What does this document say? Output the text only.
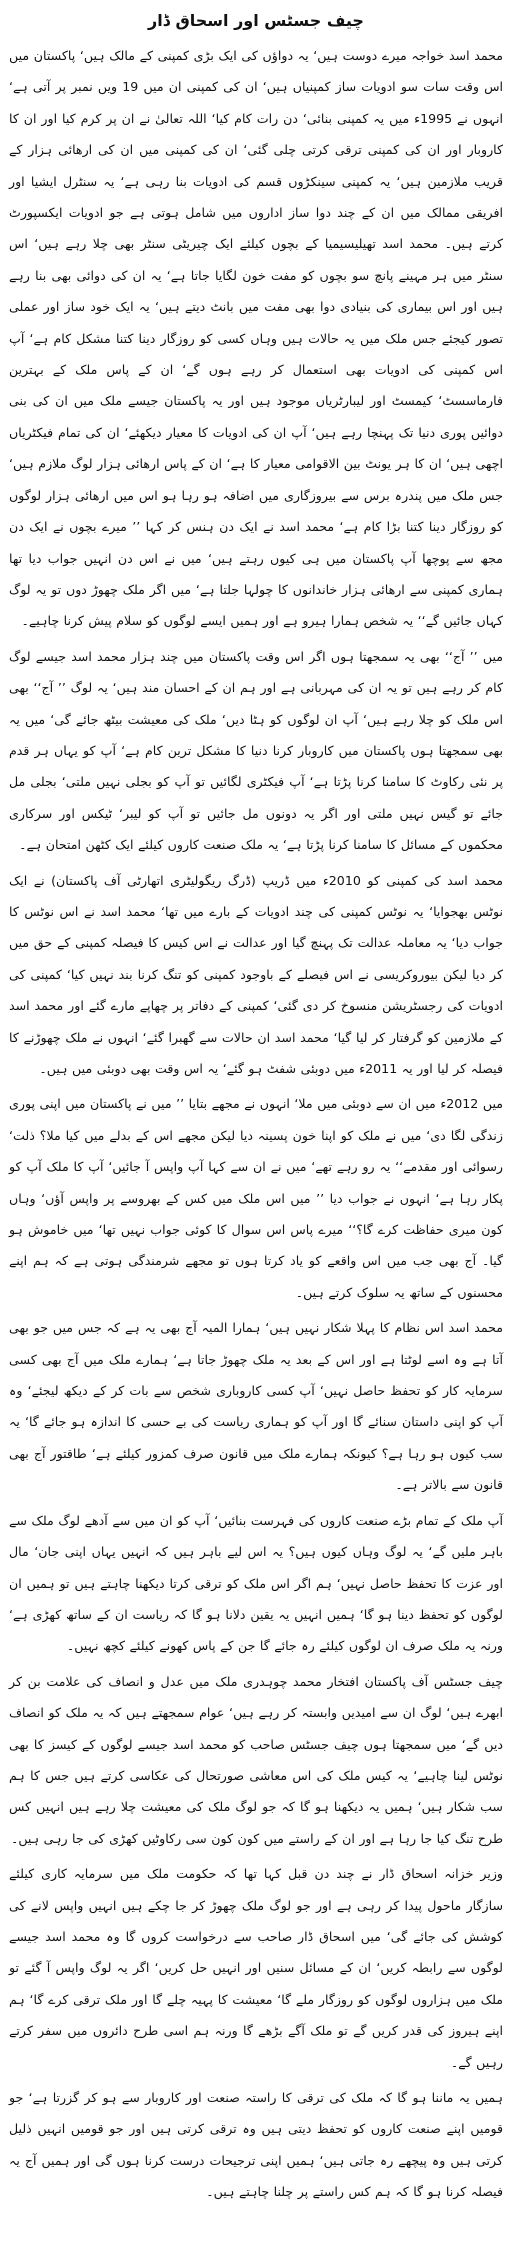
چیف جسٹس اور اسحاق ڈار

محمد اسد خواجہ میرے دوست ہیں‘ یہ دواؤں کی ایک بڑی کمپنی کے مالک ہیں‘ پاکستان میں اس وقت سات سو ادویات ساز کمپنیاں ہیں‘ ان کی کمپنی ان میں 19 ویں نمبر پر آتی ہے‘ انہوں نے 1995ء میں یہ کمپنی بنائی‘ دن رات کام کیا‘ اللہ تعالیٰ نے ان پر کرم کیا اور ان کا کاروبار اور ان کی کمپنی ترقی کرتی چلی گئی‘ ان کی کمپنی میں ان کی ارھائی ہزار کے قریب ملازمین ہیں‘ یہ کمپنی سینکڑوں قسم کی ادویات بنا رہی ہے‘ یہ سنٹرل ایشیا اور افریقی ممالک میں ان کے چند دوا ساز اداروں میں شامل ہوتی ہے جو ادویات ایکسپورٹ کرتے ہیں۔ محمد اسد تھیلیسیمیا کے بچوں کیلئے ایک چیریٹی سنٹر بھی چلا رہے ہیں‘ اس سنٹر میں ہر مہینے پانچ سو بچوں کو مفت خون لگایا جاتا ہے‘ یہ ان کی دوائی بھی بنا رہے ہیں اور اس بیماری کی بنیادی دوا بھی مفت میں بانٹ دیتے ہیں‘ یہ ایک خود ساز اور عملی تصور کیجئے جس ملک میں یہ حالات ہیں وہاں کسی کو روزگار دینا کتنا مشکل کام ہے‘ آپ اس کمپنی کی ادویات بھی استعمال کر رہے ہوں گے‘ ان کے پاس ملک کے بہترین فارماسسٹ‘ کیمسٹ اور لیبارٹریاں موجود ہیں اور یہ پاکستان جیسے ملک میں ان کی بنی دوائیں پوری دنیا تک پہنچا رہے ہیں‘ آپ ان کی ادویات کا معیار دیکھئے‘ ان کی تمام فیکٹریاں اچھی ہیں‘ ان کا ہر یونٹ بین الاقوامی معیار کا ہے‘ ان کے پاس ارھائی ہزار لوگ ملازم ہیں‘ جس ملک میں پندرہ برس سے بیروزگاری میں اضافہ ہو رہا ہو اس میں ارھائی ہزار لوگوں کو روزگار دینا کتنا بڑا کام ہے‘ محمد اسد نے ایک دن ہنس کر کہا ’’ میرے بچوں نے ایک دن مجھ سے پوچھا آپ پاکستان میں ہی کیوں رہتے ہیں‘ میں نے اس دن انہیں جواب دیا تھا ہماری کمپنی سے ارھائی ہزار خاندانوں کا چولہا جلتا ہے‘ میں اگر ملک چھوڑ دوں تو یہ لوگ کہاں جائیں گے‘‘ یہ شخص ہمارا ہیرو ہے اور ہمیں ایسے لوگوں کو سلام پیش کرنا چاہیے۔

میں ’’ آج‘‘ بھی یہ سمجھتا ہوں اگر اس وقت پاکستان میں چند ہزار محمد اسد جیسے لوگ کام کر رہے ہیں تو یہ ان کی مہربانی ہے اور ہم ان کے احسان مند ہیں‘ یہ لوگ ’’ آج‘‘ بھی اس ملک کو چلا رہے ہیں‘ آپ ان لوگوں کو ہٹا دیں‘ ملک کی معیشت بیٹھ جائے گی‘ میں یہ بھی سمجھتا ہوں پاکستان میں کاروبار کرنا دنیا کا مشکل ترین کام ہے‘ آپ کو یہاں ہر قدم پر نئی رکاوٹ کا سامنا کرنا پڑتا ہے‘ آپ فیکٹری لگائیں تو آپ کو بجلی نہیں ملتی‘ بجلی مل جائے تو گیس نہیں ملتی اور اگر یہ دونوں مل جائیں تو آپ کو لیبر‘ ٹیکس اور سرکاری محکموں کے مسائل کا سامنا کرنا پڑتا ہے‘ یہ ملک صنعت کاروں کیلئے ایک کٹھن امتحان ہے۔

محمد اسد کی کمپنی کو 2010ء میں ڈریپ (ڈرگ ریگولیٹری اتھارٹی آف پاکستان) نے ایک نوٹس بھجوایا‘ یہ نوٹس کمپنی کی چند ادویات کے بارے میں تھا‘ محمد اسد نے اس نوٹس کا جواب دیا‘ یہ معاملہ عدالت تک پہنچ گیا اور عدالت نے اس کیس کا فیصلہ کمپنی کے حق میں کر دیا لیکن بیوروکریسی نے اس فیصلے کے باوجود کمپنی کو تنگ کرنا بند نہیں کیا‘ کمپنی کی ادویات کی رجسٹریشن منسوخ کر دی گئی‘ کمپنی کے دفاتر پر چھاپے مارے گئے اور محمد اسد کے ملازمین کو گرفتار کر لیا گیا‘ محمد اسد ان حالات سے گھبرا گئے‘ انہوں نے ملک چھوڑنے کا فیصلہ کر لیا اور یہ 2011ء میں دوبئی شفٹ ہو گئے‘ یہ اس وقت بھی دوبئی میں ہیں۔

میں 2012ء میں ان سے دوبئی میں ملا‘ انہوں نے مجھے بتایا ’’ میں نے پاکستان میں اپنی پوری زندگی لگا دی‘ میں نے ملک کو اپنا خون پسینہ دیا لیکن مجھے اس کے بدلے میں کیا ملا؟ ذلت‘ رسوائی اور مقدمے‘‘ یہ رو رہے تھے‘ میں نے ان سے کہا آپ واپس آ جائیں‘ آپ کا ملک آپ کو پکار رہا ہے‘ انہوں نے جواب دیا ’’ میں اس ملک میں کس کے بھروسے پر واپس آؤں‘ وہاں کون میری حفاظت کرے گا؟‘‘ میرے پاس اس سوال کا کوئی جواب نہیں تھا‘ میں خاموش ہو گیا۔ آج بھی جب میں اس واقعے کو یاد کرتا ہوں تو مجھے شرمندگی ہوتی ہے کہ ہم اپنے محسنوں کے ساتھ یہ سلوک کرتے ہیں۔

محمد اسد اس نظام کا پہلا شکار نہیں ہیں‘ ہمارا المیہ آج بھی یہ ہے کہ جس میں جو بھی آتا ہے وہ اسے لوٹتا ہے اور اس کے بعد یہ ملک چھوڑ جاتا ہے‘ ہمارے ملک میں آج بھی کسی سرمایہ کار کو تحفظ حاصل نہیں‘ آپ کسی کاروباری شخص سے بات کر کے دیکھ لیجئے‘ وہ آپ کو اپنی داستان سنائے گا اور آپ کو ہماری ریاست کی بے حسی کا اندازہ ہو جائے گا‘ یہ سب کیوں ہو رہا ہے؟ کیونکہ ہمارے ملک میں قانون صرف کمزور کیلئے ہے‘ طاقتور آج بھی قانون سے بالاتر ہے۔

آپ ملک کے تمام بڑے صنعت کاروں کی فہرست بنائیں‘ آپ کو ان میں سے آدھے لوگ ملک سے باہر ملیں گے‘ یہ لوگ وہاں کیوں ہیں؟ یہ اس لیے باہر ہیں کہ انہیں یہاں اپنی جان‘ مال اور عزت کا تحفظ حاصل نہیں‘ ہم اگر اس ملک کو ترقی کرتا دیکھنا چاہتے ہیں تو ہمیں ان لوگوں کو تحفظ دینا ہو گا‘ ہمیں انہیں یہ یقین دلانا ہو گا کہ ریاست ان کے ساتھ کھڑی ہے‘ ورنہ یہ ملک صرف ان لوگوں کیلئے رہ جائے گا جن کے پاس کھونے کیلئے کچھ نہیں۔

چیف جسٹس آف پاکستان افتخار محمد چوہدری ملک میں عدل و انصاف کی علامت بن کر ابھرے ہیں‘ لوگ ان سے امیدیں وابستہ کر رہے ہیں‘ عوام سمجھتے ہیں کہ یہ ملک کو انصاف دیں گے‘ میں سمجھتا ہوں چیف جسٹس صاحب کو محمد اسد جیسے لوگوں کے کیسز کا بھی نوٹس لینا چاہیے‘ یہ کیس ملک کی اس معاشی صورتحال کی عکاسی کرتے ہیں جس کا ہم سب شکار ہیں‘ ہمیں یہ دیکھنا ہو گا کہ جو لوگ ملک کی معیشت چلا رہے ہیں انہیں کس طرح تنگ کیا جا رہا ہے اور ان کے راستے میں کون کون سی رکاوٹیں کھڑی کی جا رہی ہیں۔

وزیر خزانہ اسحاق ڈار نے چند دن قبل کہا تھا کہ حکومت ملک میں سرمایہ کاری کیلئے سازگار ماحول پیدا کر رہی ہے اور جو لوگ ملک چھوڑ کر جا چکے ہیں انہیں واپس لانے کی کوشش کی جائے گی‘ میں اسحاق ڈار صاحب سے درخواست کروں گا وہ محمد اسد جیسے لوگوں سے رابطہ کریں‘ ان کے مسائل سنیں اور انہیں حل کریں‘ اگر یہ لوگ واپس آ گئے تو ملک میں ہزاروں لوگوں کو روزگار ملے گا‘ معیشت کا پہیہ چلے گا اور ملک ترقی کرے گا‘ ہم اپنے ہیروز کی قدر کریں گے تو ملک آگے بڑھے گا ورنہ ہم اسی طرح دائروں میں سفر کرتے رہیں گے۔

ہمیں یہ ماننا ہو گا کہ ملک کی ترقی کا راستہ صنعت اور کاروبار سے ہو کر گزرتا ہے‘ جو قومیں اپنے صنعت کاروں کو تحفظ دیتی ہیں وہ ترقی کرتی ہیں اور جو قومیں انہیں ذلیل کرتی ہیں وہ پیچھے رہ جاتی ہیں‘ ہمیں اپنی ترجیحات درست کرنا ہوں گی اور ہمیں آج یہ فیصلہ کرنا ہو گا کہ ہم کس راستے پر چلنا چاہتے ہیں۔
